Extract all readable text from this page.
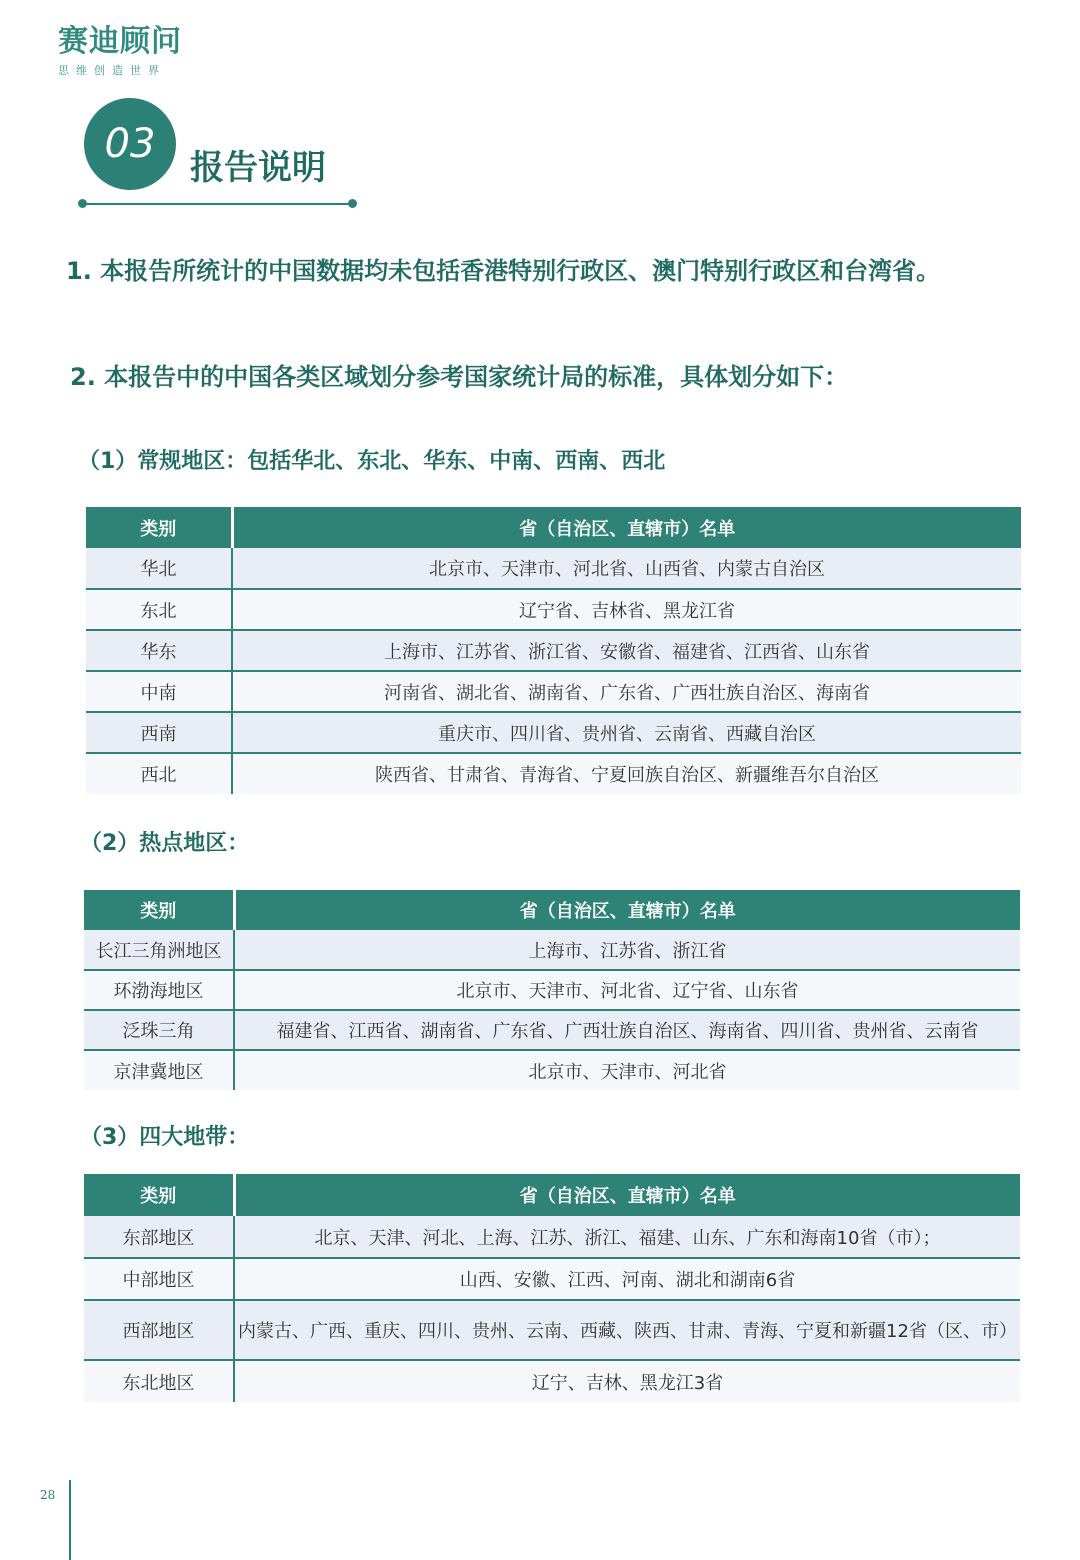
赛迪顾问
思维创造世界
03
报告说明
1. 本报告所统计的中国数据均未包括香港特别行政区、澳门特别行政区和台湾省。
2. 本报告中的中国各类区域划分参考国家统计局的标准，具体划分如下：
（1）常规地区：包括华北、东北、华东、中南、西南、西北
类别	省（自治区、直辖市）名单
华北	北京市、天津市、河北省、山西省、内蒙古自治区
东北	辽宁省、吉林省、黑龙江省
华东	上海市、江苏省、浙江省、安徽省、福建省、江西省、山东省
中南	河南省、湖北省、湖南省、广东省、广西壮族自治区、海南省
西南	重庆市、四川省、贵州省、云南省、西藏自治区
西北	陕西省、甘肃省、青海省、宁夏回族自治区、新疆维吾尔自治区
（2）热点地区：
类别	省（自治区、直辖市）名单
长江三角洲地区	上海市、江苏省、浙江省
环渤海地区	北京市、天津市、河北省、辽宁省、山东省
泛珠三角	福建省、江西省、湖南省、广东省、广西壮族自治区、海南省、四川省、贵州省、云南省
京津冀地区	北京市、天津市、河北省
（3）四大地带：
类别	省（自治区、直辖市）名单
东部地区	北京、天津、河北、上海、江苏、浙江、福建、山东、广东和海南10省（市）；
中部地区	山西、安徽、江西、河南、湖北和湖南6省
西部地区	内蒙古、广西、重庆、四川、贵州、云南、西藏、陕西、甘肃、青海、宁夏和新疆12省（区、市）
东北地区	辽宁、吉林、黑龙江3省
28
